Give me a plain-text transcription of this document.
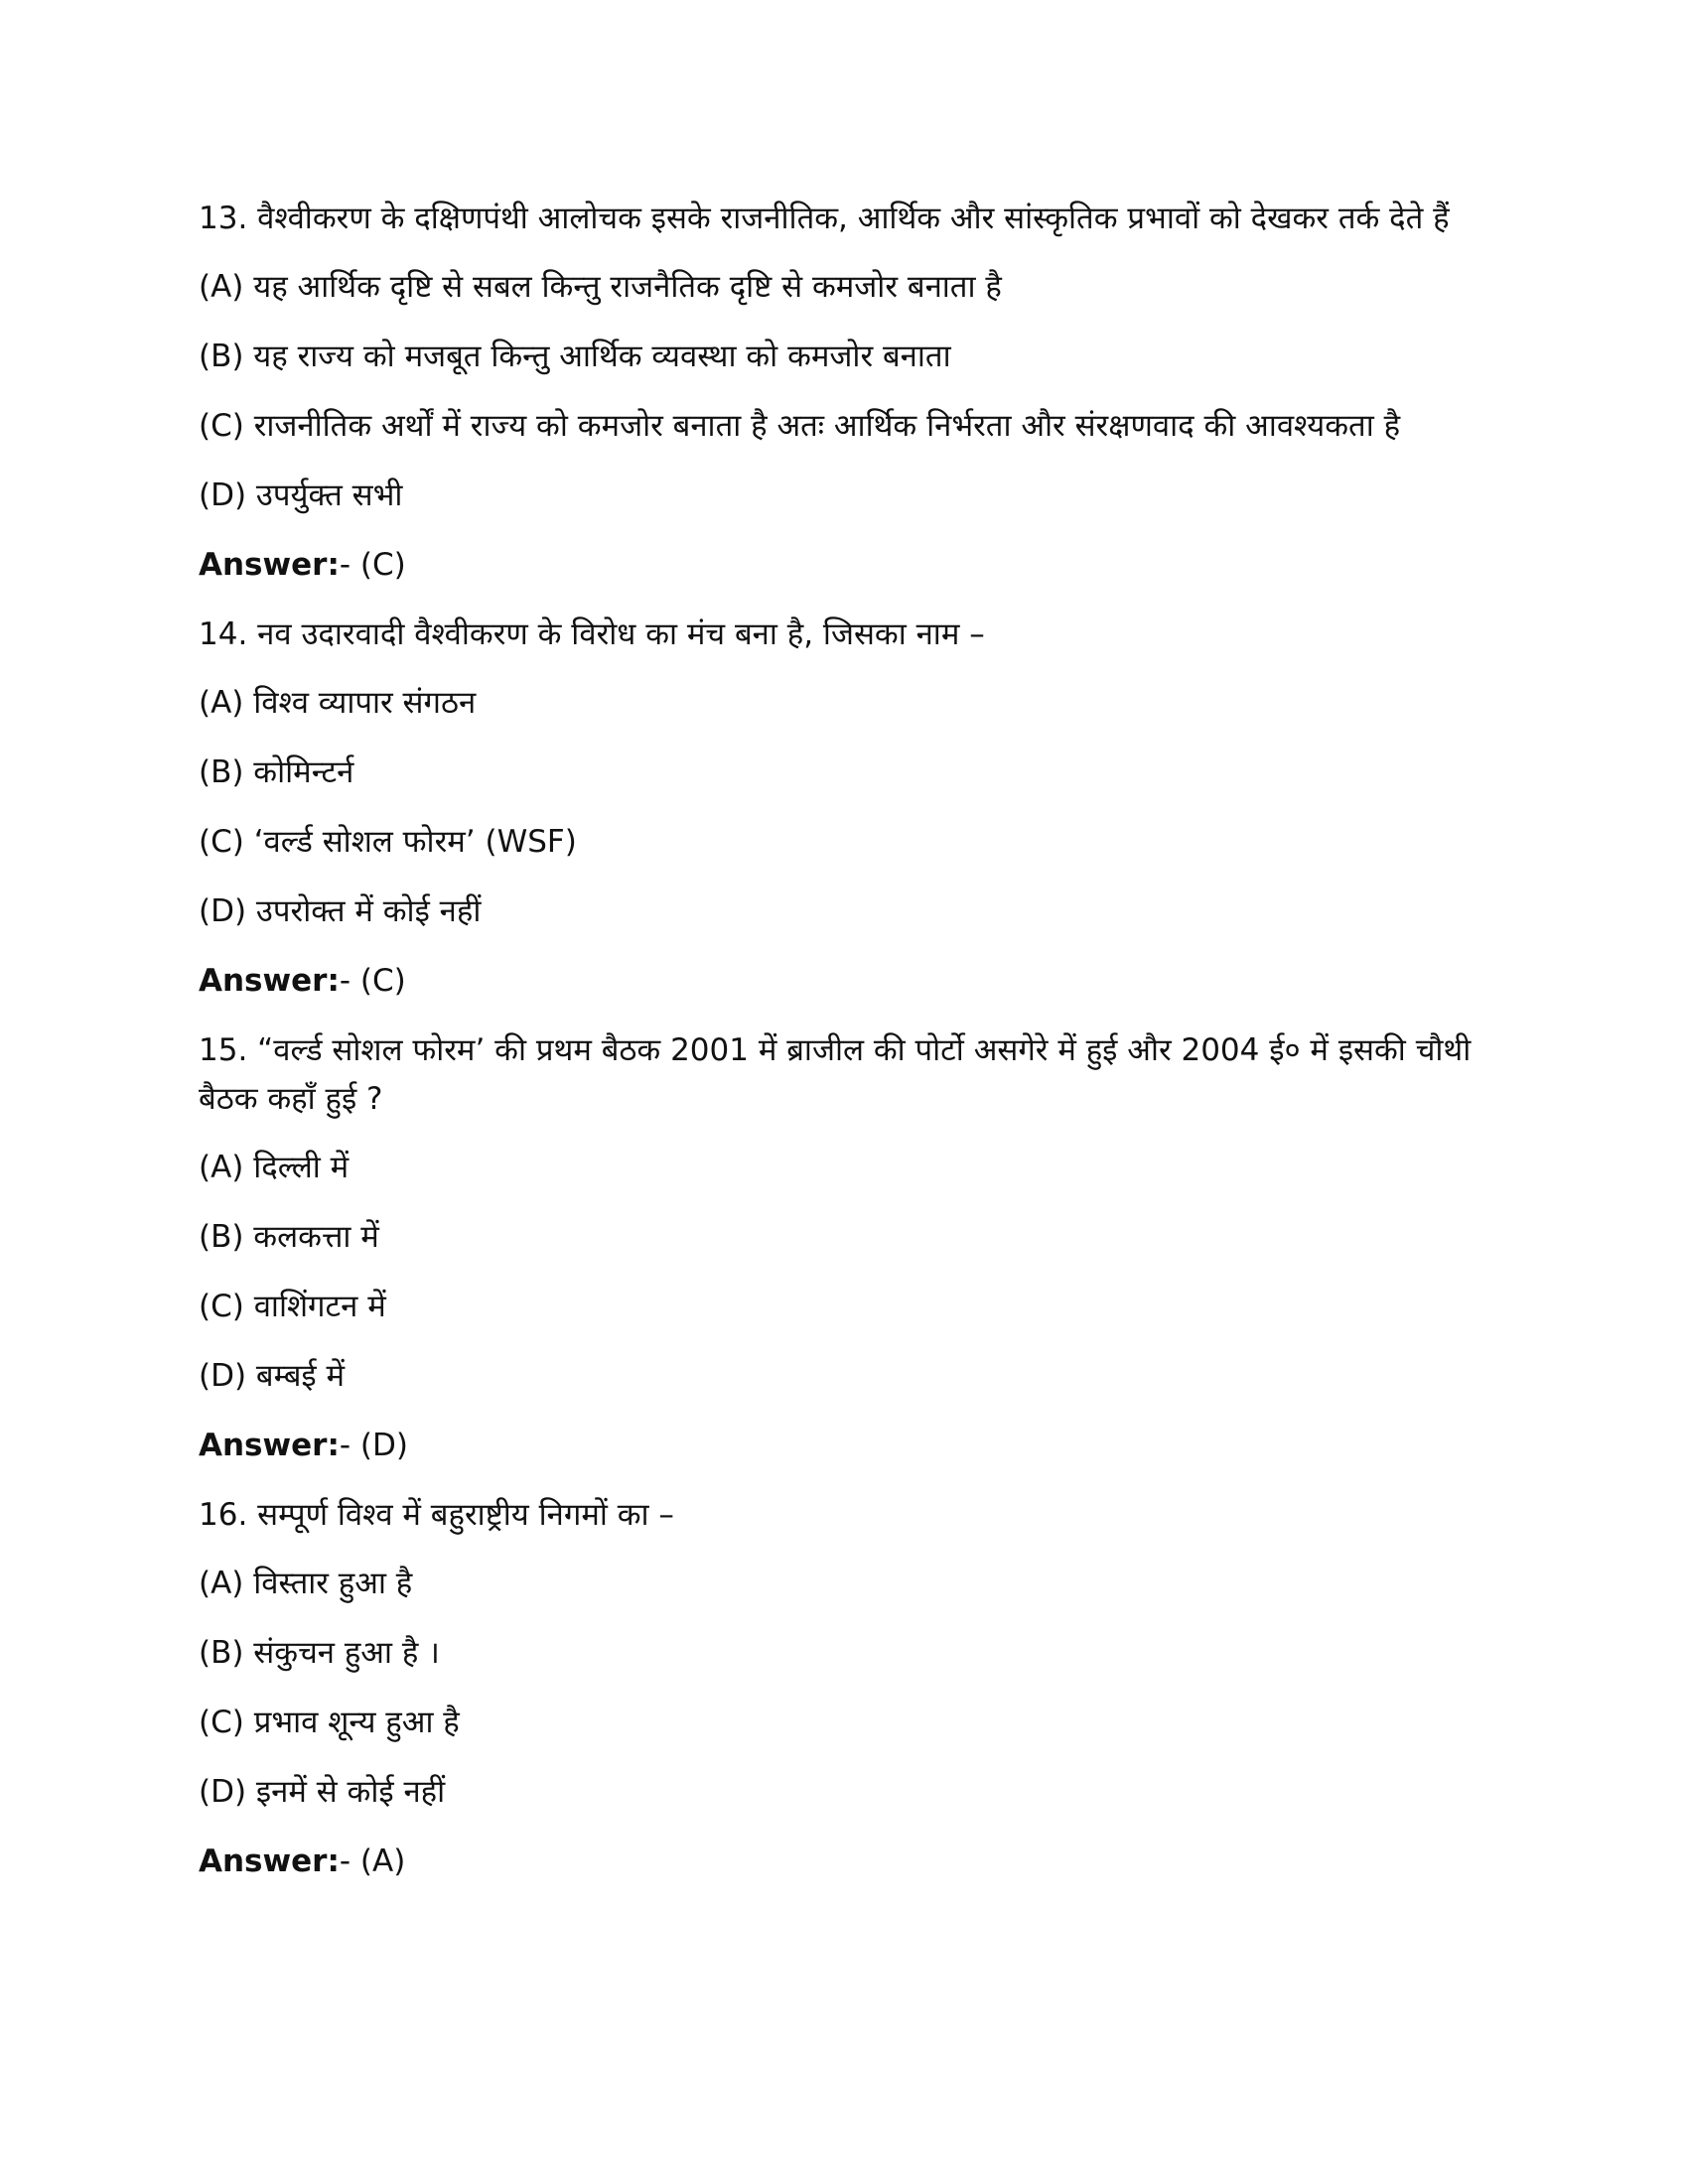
13. वैश्वीकरण के दक्षिणपंथी आलोचक इसके राजनीतिक, आर्थिक और सांस्कृतिक प्रभावों को देखकर तर्क देते हैं

(A) यह आर्थिक दृष्टि से सबल किन्तु राजनैतिक दृष्टि से कमजोर बनाता है

(B) यह राज्य को मजबूत किन्तु आर्थिक व्यवस्था को कमजोर बनाता

(C) राजनीतिक अर्थों में राज्य को कमजोर बनाता है अतः आर्थिक निर्भरता और संरक्षणवाद की आवश्यकता है

(D) उपर्युक्त सभी

Answer:- (C)

14. नव उदारवादी वैश्वीकरण के विरोध का मंच बना है, जिसका नाम –

(A) विश्व व्यापार संगठन

(B) कोमिन्टर्न

(C) ‘वर्ल्ड सोशल फोरम’ (WSF)

(D) उपरोक्त में कोई नहीं

Answer:- (C)

15. “वर्ल्ड सोशल फोरम’ की प्रथम बैठक 2001 में ब्राजील की पोर्टो असगेरे में हुई और 2004 ई० में इसकी चौथी बैठक कहाँ हुई ?

(A) दिल्ली में

(B) कलकत्ता में

(C) वाशिंगटन में

(D) बम्बई में

Answer:- (D)

16. सम्पूर्ण विश्व में बहुराष्ट्रीय निगमों का –

(A) विस्तार हुआ है

(B) संकुचन हुआ है ।

(C) प्रभाव शून्य हुआ है

(D) इनमें से कोई नहीं

Answer:- (A)
